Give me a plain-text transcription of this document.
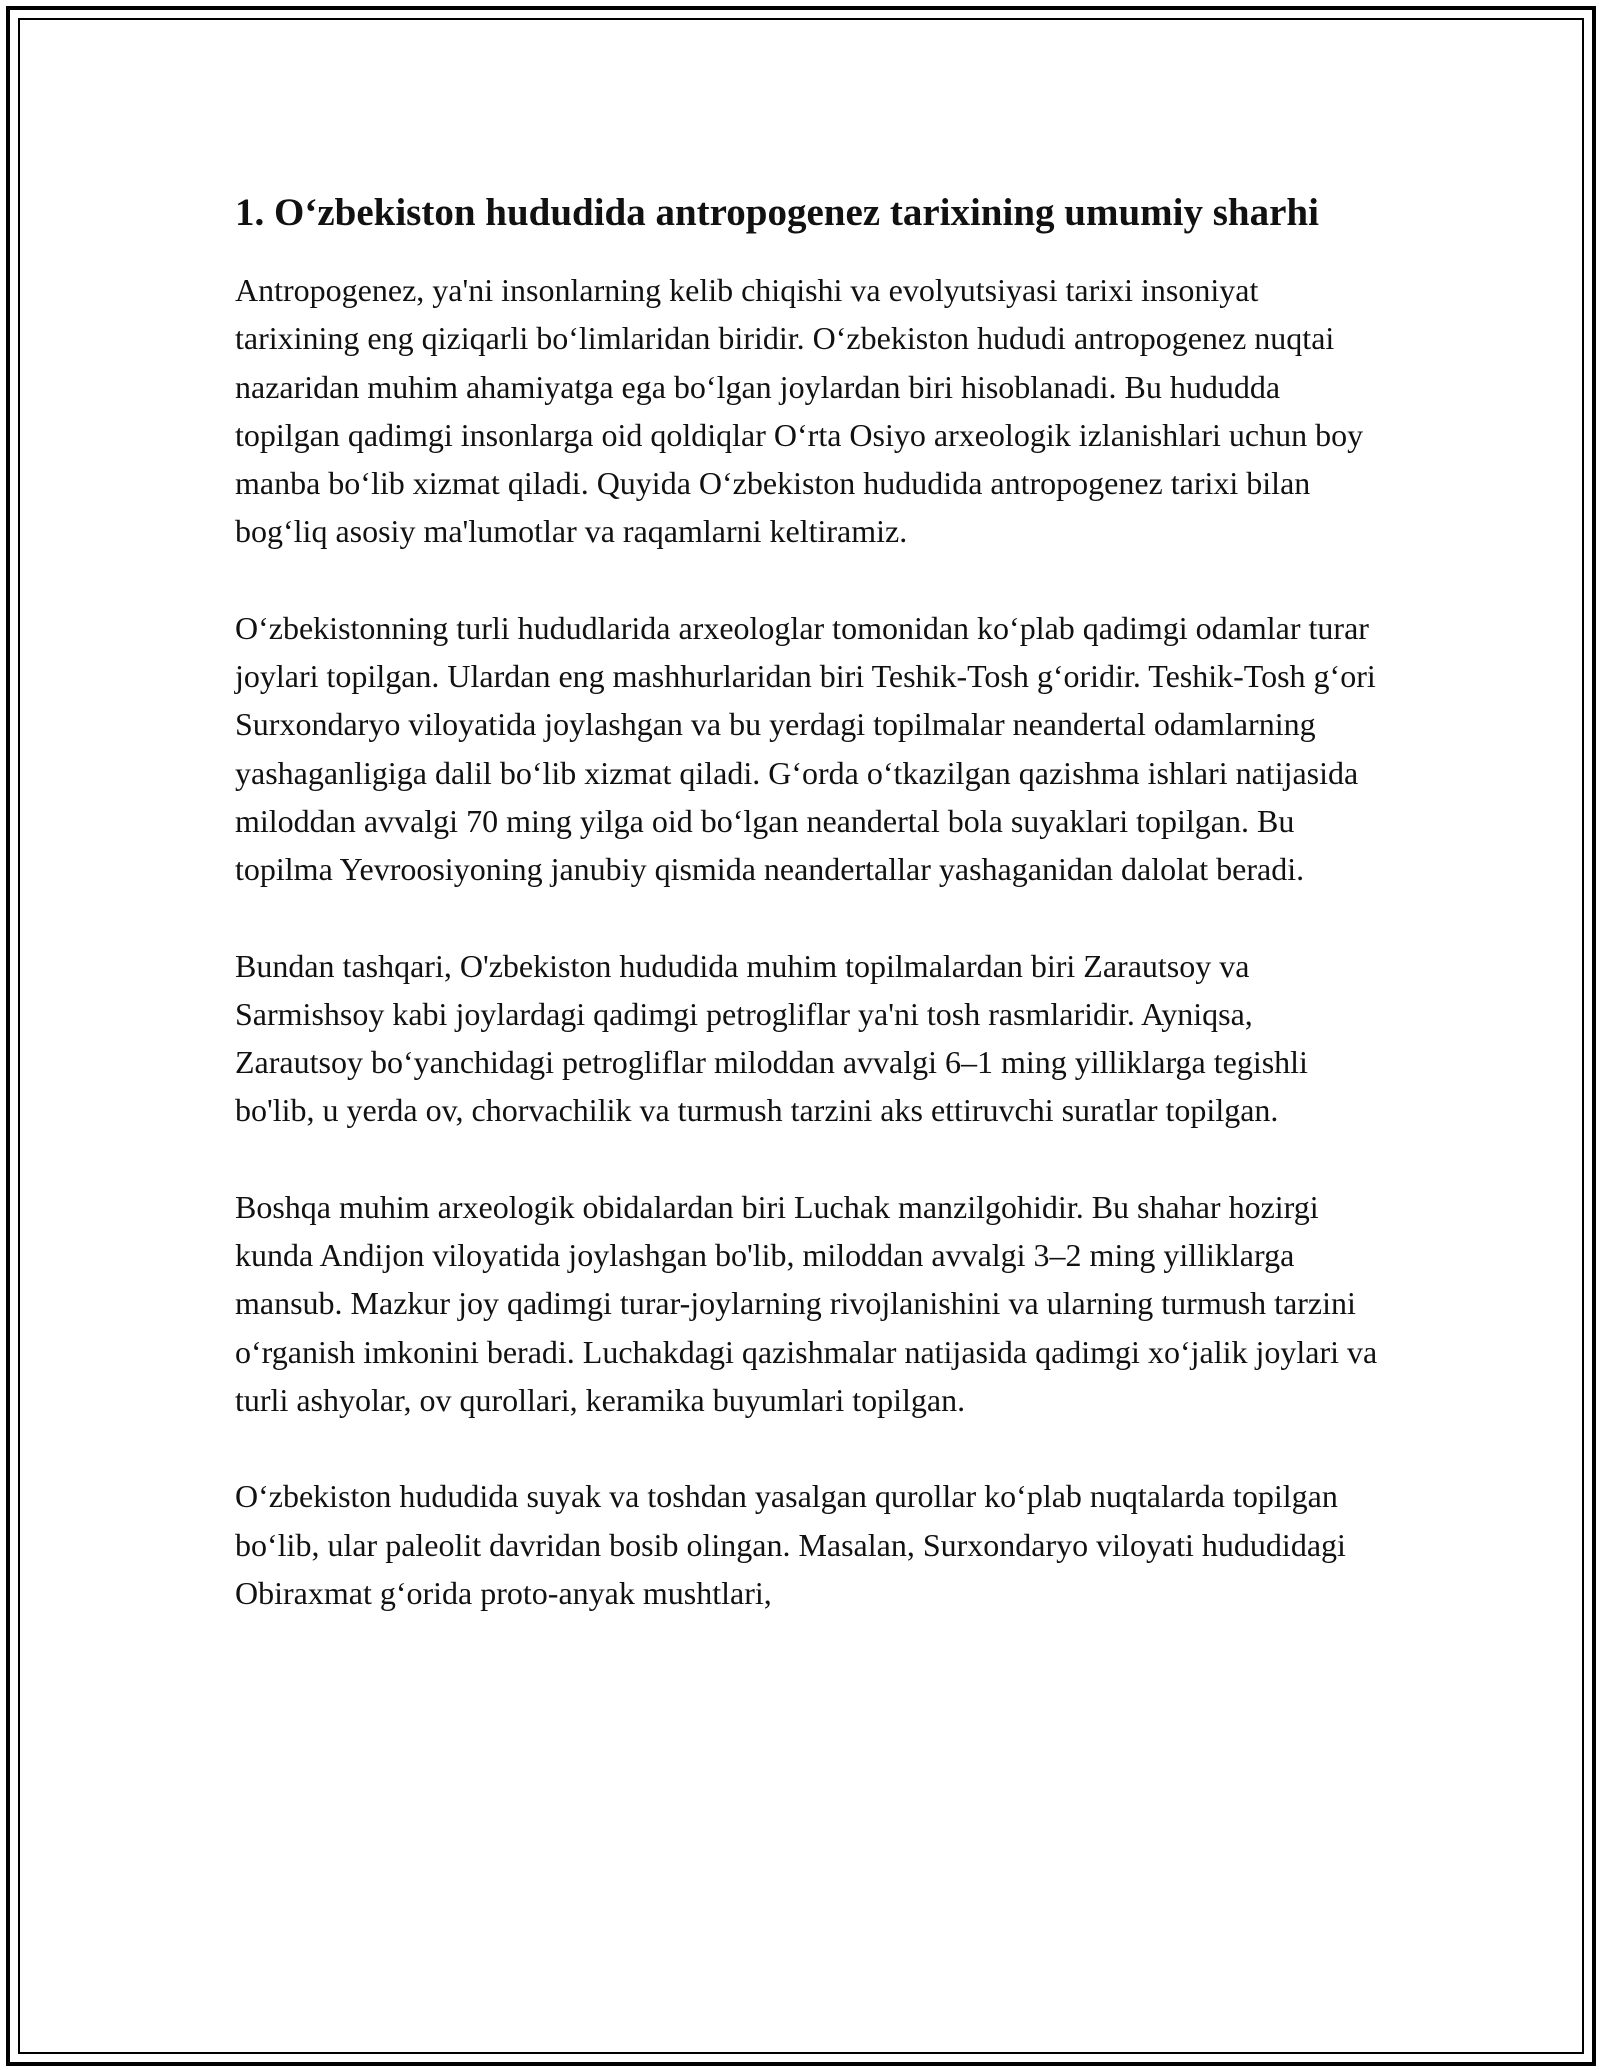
1. O‘zbekiston hududida antropogenez tarixining umumiy sharhi

Antropogenez, ya'ni insonlarning kelib chiqishi va evolyutsiyasi tarixi insoniyat tarixining eng qiziqarli bo‘limlaridan biridir. O‘zbekiston hududi antropogenez nuqtai nazaridan muhim ahamiyatga ega bo‘lgan joylardan biri hisoblanadi. Bu hududda topilgan qadimgi insonlarga oid qoldiqlar O‘rta Osiyo arxeologik izlanishlari uchun boy manba bo‘lib xizmat qiladi. Quyida O‘zbekiston hududida antropogenez tarixi bilan bog‘liq asosiy ma'lumotlar va raqamlarni keltiramiz.

O‘zbekistonning turli hududlarida arxeologlar tomonidan ko‘plab qadimgi odamlar turar joylari topilgan. Ulardan eng mashhurlaridan biri Teshik-Tosh g‘oridir. Teshik-Tosh g‘ori Surxondaryo viloyatida joylashgan va bu yerdagi topilmalar neandertal odamlarning yashaganligiga dalil bo‘lib xizmat qiladi. G‘orda o‘tkazilgan qazishma ishlari natijasida miloddan avvalgi 70 ming yilga oid bo‘lgan neandertal bola suyaklari topilgan. Bu topilma Yevroosiyoning janubiy qismida neandertallar yashaganidan dalolat beradi.

Bundan tashqari, O'zbekiston hududida muhim topilmalardan biri Zarautsoy va Sarmishsoy kabi joylardagi qadimgi petrogliflar ya'ni tosh rasmlaridir. Ayniqsa, Zarautsoy bo‘yanchidagi petrogliflar miloddan avvalgi 6–1 ming yilliklarga tegishli bo'lib, u yerda ov, chorvachilik va turmush tarzini aks ettiruvchi suratlar topilgan.

Boshqa muhim arxeologik obidalardan biri Luchak manzilgohidir. Bu shahar hozirgi kunda Andijon viloyatida joylashgan bo'lib, miloddan avvalgi 3–2 ming yilliklarga mansub. Mazkur joy qadimgi turar-joylarning rivojlanishini va ularning turmush tarzini o‘rganish imkonini beradi. Luchakdagi qazishmalar natijasida qadimgi xo‘jalik joylari va turli ashyolar, ov qurollari, keramika buyumlari topilgan.

O‘zbekiston hududida suyak va toshdan yasalgan qurollar ko‘plab nuqtalarda topilgan bo‘lib, ular paleolit davridan bosib olingan. Masalan, Surxondaryo viloyati hududidagi Obiraxmat g‘orida proto-anyak mushtlari,
